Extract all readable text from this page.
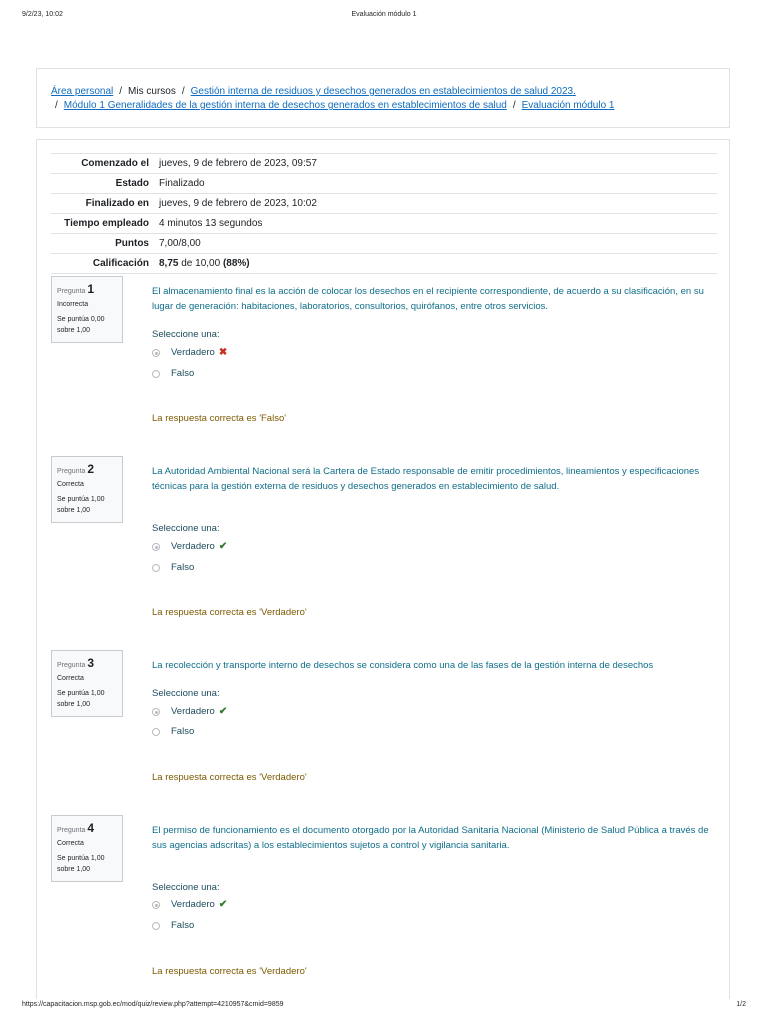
9/2/23, 10:02	Evaluación módulo 1
Área personal / Mis cursos / Gestión interna de residuos y desechos generados en establecimientos de salud 2023.
/ Módulo 1 Generalidades de la gestión interna de desechos generados en establecimientos de salud / Evaluación módulo 1
Comenzado el	jueves, 9 de febrero de 2023, 09:57
Estado	Finalizado
Finalizado en	jueves, 9 de febrero de 2023, 10:02
Tiempo empleado	4 minutos 13 segundos
Puntos	7,00/8,00
Calificación	8,75 de 10,00 (88%)
Pregunta 1
Incorrecta
Se puntúa 0,00 sobre 1,00
El almacenamiento final es la acción de colocar los desechos en el recipiente correspondiente, de acuerdo a su clasificación, en su lugar de generación: habitaciones, laboratorios, consultorios, quirófanos, entre otros servicios.
Seleccione una:
Verdadero ✖
Falso
La respuesta correcta es 'Falso'
Pregunta 2
Correcta
Se puntúa 1,00 sobre 1,00
La Autoridad Ambiental Nacional será la Cartera de Estado responsable de emitir procedimientos, lineamientos y especificaciones técnicas para la gestión externa de residuos y desechos generados en establecimiento de salud.
Seleccione una:
Verdadero ✔
Falso
La respuesta correcta es 'Verdadero'
Pregunta 3
Correcta
Se puntúa 1,00 sobre 1,00
La recolección y transporte interno de desechos se considera como una de las fases de la gestión interna de desechos
Seleccione una:
Verdadero ✔
Falso
La respuesta correcta es 'Verdadero'
Pregunta 4
Correcta
Se puntúa 1,00 sobre 1,00
El permiso de funcionamiento es el documento otorgado por la Autoridad Sanitaria Nacional (Ministerio de Salud Pública a través de sus agencias adscritas) a los establecimientos sujetos a control y vigilancia sanitaria.
Seleccione una:
Verdadero ✔
Falso
La respuesta correcta es 'Verdadero'
https://capacitacion.msp.gob.ec/mod/quiz/review.php?attempt=4210957&cmid=9859	1/2
